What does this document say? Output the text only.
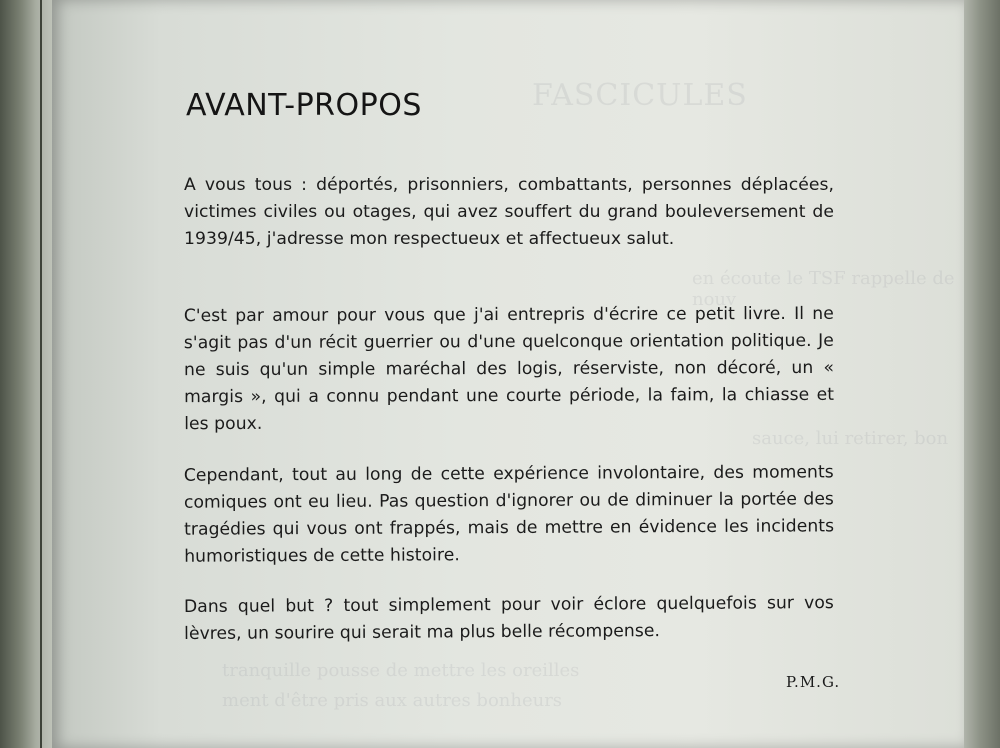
FASCICULES
en écoute le TSF rappelle de nouv
sauce, lui retirer, bon
tranquille pousse de mettre les oreilles
ment d'être pris aux autres bonheurs
AVANT-PROPOS

A vous tous : déportés, prisonniers, combattants, personnes déplacées, victimes civiles ou otages, qui avez souffert du grand bouleversement de 1939/45, j'adresse mon respectueux et affectueux salut.

C'est par amour pour vous que j'ai entrepris d'écrire ce petit livre. Il ne s'agit pas d'un récit guerrier ou d'une quelconque orientation politique. Je ne suis qu'un simple maréchal des logis, réserviste, non décoré, un « margis », qui a connu pendant une courte période, la faim, la chiasse et les poux.

Cependant, tout au long de cette expérience involontaire, des moments comiques ont eu lieu. Pas question d'ignorer ou de diminuer la portée des tragédies qui vous ont frappés, mais de mettre en évidence les incidents humoristiques de cette histoire.

Dans quel but ? tout simplement pour voir éclore quelquefois sur vos lèvres, un sourire qui serait ma plus belle récompense.

P.M.G.
